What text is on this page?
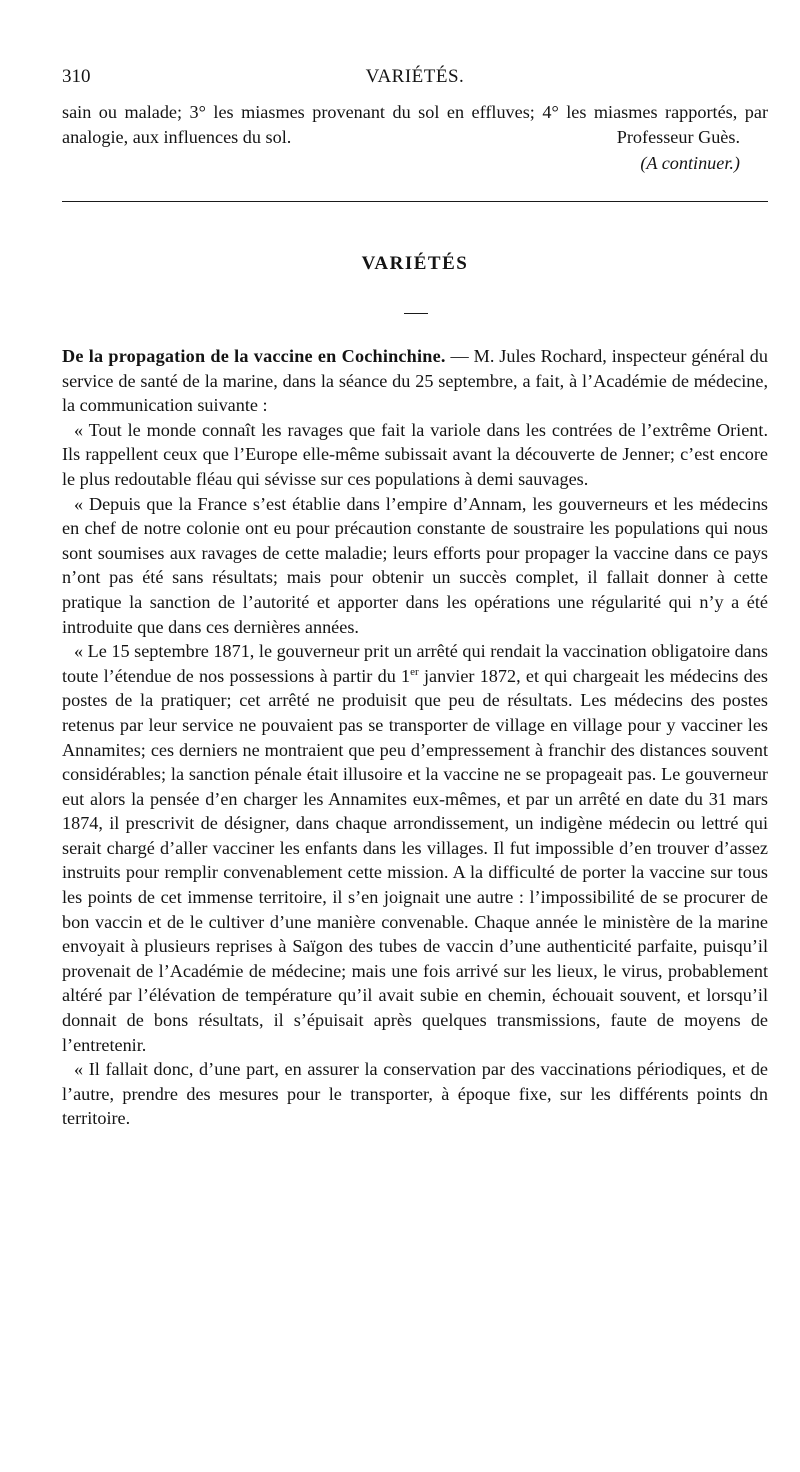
310	VARIÉTÉS.

sain ou malade; 3° les miasmes provenant du sol en effluves; 4° les miasmes rapportés, par analogie, aux influences du sol.	Professeur Guès.

(A continuer.)
VARIÉTÉS

De la propagation de la vaccine en Cochinchine. — M. Jules Rochard, inspecteur général du service de santé de la marine, dans la séance du 25 septembre, a fait, à l’Académie de médecine, la communication suivante :

« Tout le monde connaît les ravages que fait la variole dans les contrées de l’extrême Orient. Ils rappellent ceux que l’Europe elle-même subissait avant la découverte de Jenner; c’est encore le plus redoutable fléau qui sévisse sur ces populations à demi sauvages.

« Depuis que la France s’est établie dans l’empire d’Annam, les gouverneurs et les médecins en chef de notre colonie ont eu pour précaution constante de soustraire les populations qui nous sont soumises aux ravages de cette maladie; leurs efforts pour propager la vaccine dans ce pays n’ont pas été sans résultats; mais pour obtenir un succès complet, il fallait donner à cette pratique la sanction de l’autorité et apporter dans les opérations une régularité qui n’y a été introduite que dans ces dernières années.

« Le 15 septembre 1871, le gouverneur prit un arrêté qui rendait la vaccination obligatoire dans toute l’étendue de nos possessions à partir du 1er janvier 1872, et qui chargeait les médecins des postes de la pratiquer; cet arrêté ne produisit que peu de résultats. Les médecins des postes retenus par leur service ne pouvaient pas se transporter de village en village pour y vacciner les Annamites; ces derniers ne montraient que peu d’empressement à franchir des distances souvent considérables; la sanction pénale était illusoire et la vaccine ne se propageait pas. Le gouverneur eut alors la pensée d’en charger les Annamites eux-mêmes, et par un arrêté en date du 31 mars 1874, il prescrivit de désigner, dans chaque arrondissement, un indigène médecin ou lettré qui serait chargé d’aller vacciner les enfants dans les villages. Il fut impossible d’en trouver d’assez instruits pour remplir convenablement cette mission. A la difficulté de porter la vaccine sur tous les points de cet immense territoire, il s’en joignait une autre : l’impossibilité de se procurer de bon vaccin et de le cultiver d’une manière convenable. Chaque année le ministère de la marine envoyait à plusieurs reprises à Saïgon des tubes de vaccin d’une authenticité parfaite, puisqu’il provenait de l’Académie de médecine; mais une fois arrivé sur les lieux, le virus, probablement altéré par l’élévation de température qu’il avait subie en chemin, échouait souvent, et lorsqu’il donnait de bons résultats, il s’épuisait après quelques transmissions, faute de moyens de l’entretenir.

« Il fallait donc, d’une part, en assurer la conservation par des vaccinations périodiques, et de l’autre, prendre des mesures pour le transporter, à époque fixe, sur les différents points dn territoire.
